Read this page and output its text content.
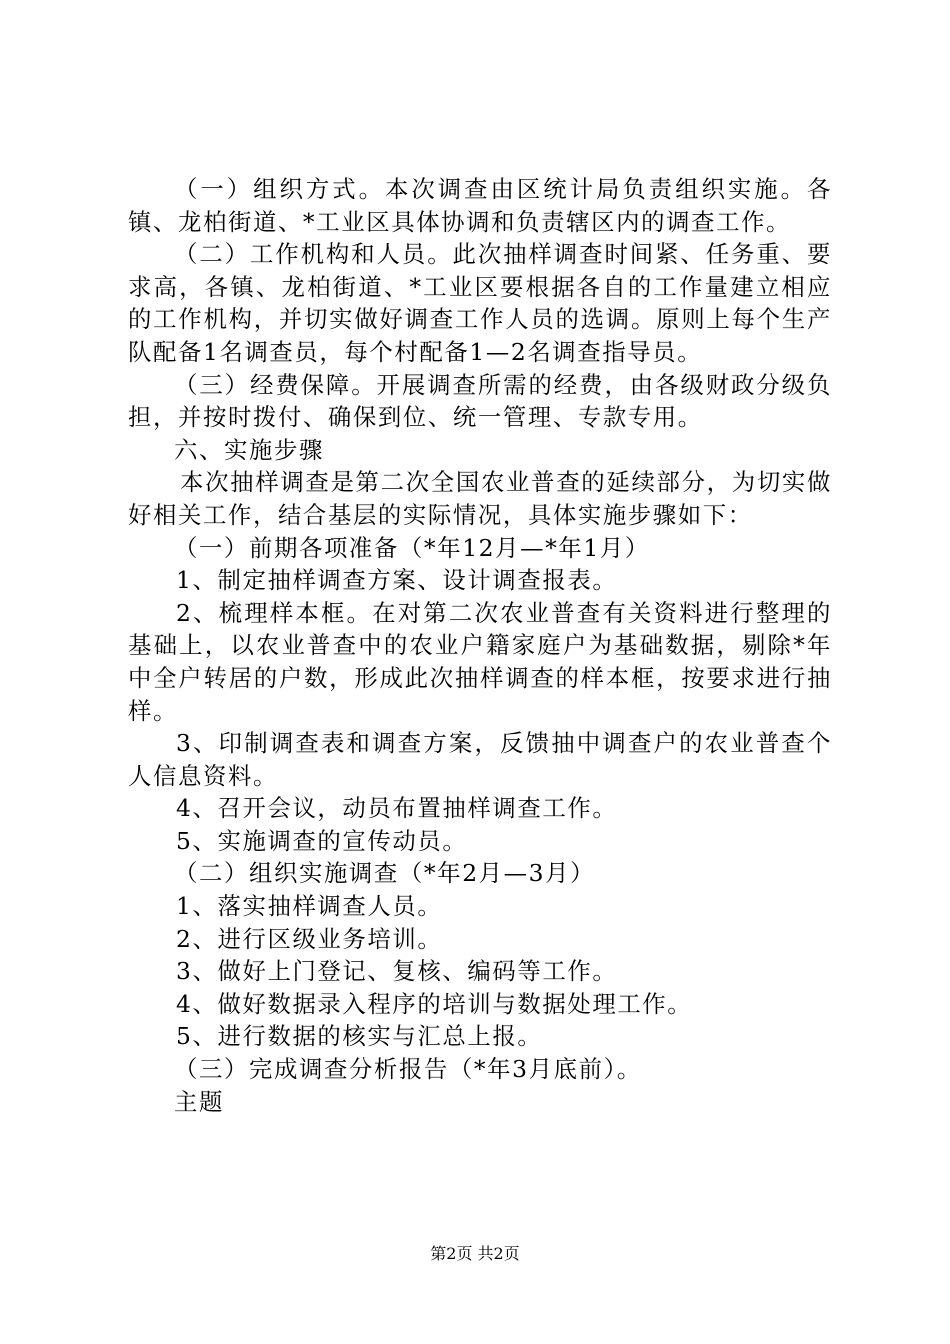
（一）组织方式。本次调查由区统计局负责组织实施。各镇、龙柏街道、*工业区具体协调和负责辖区内的调查工作。

（二）工作机构和人员。此次抽样调查时间紧、任务重、要求高，各镇、龙柏街道、*工业区要根据各自的工作量建立相应的工作机构，并切实做好调查工作人员的选调。原则上每个生产队配备1名调查员，每个村配备1—2名调查指导员。

（三）经费保障。开展调查所需的经费，由各级财政分级负担，并按时拨付、确保到位、统一管理、专款专用。

六、实施步骤

本次抽样调查是第二次全国农业普查的延续部分，为切实做好相关工作，结合基层的实际情况，具体实施步骤如下：

（一）前期各项准备（*年12月—*年1月）

1、制定抽样调查方案、设计调查报表。

2、梳理样本框。在对第二次农业普查有关资料进行整理的基础上，以农业普查中的农业户籍家庭户为基础数据，剔除*年中全户转居的户数，形成此次抽样调查的样本框，按要求进行抽样。

3、印制调查表和调查方案，反馈抽中调查户的农业普查个人信息资料。

4、召开会议，动员布置抽样调查工作。

5、实施调查的宣传动员。

（二）组织实施调查（*年2月—3月）

1、落实抽样调查人员。

2、进行区级业务培训。

3、做好上门登记、复核、编码等工作。

4、做好数据录入程序的培训与数据处理工作。

5、进行数据的核实与汇总上报。

（三）完成调查分析报告（*年3月底前）。

主题

第2页 共2页
